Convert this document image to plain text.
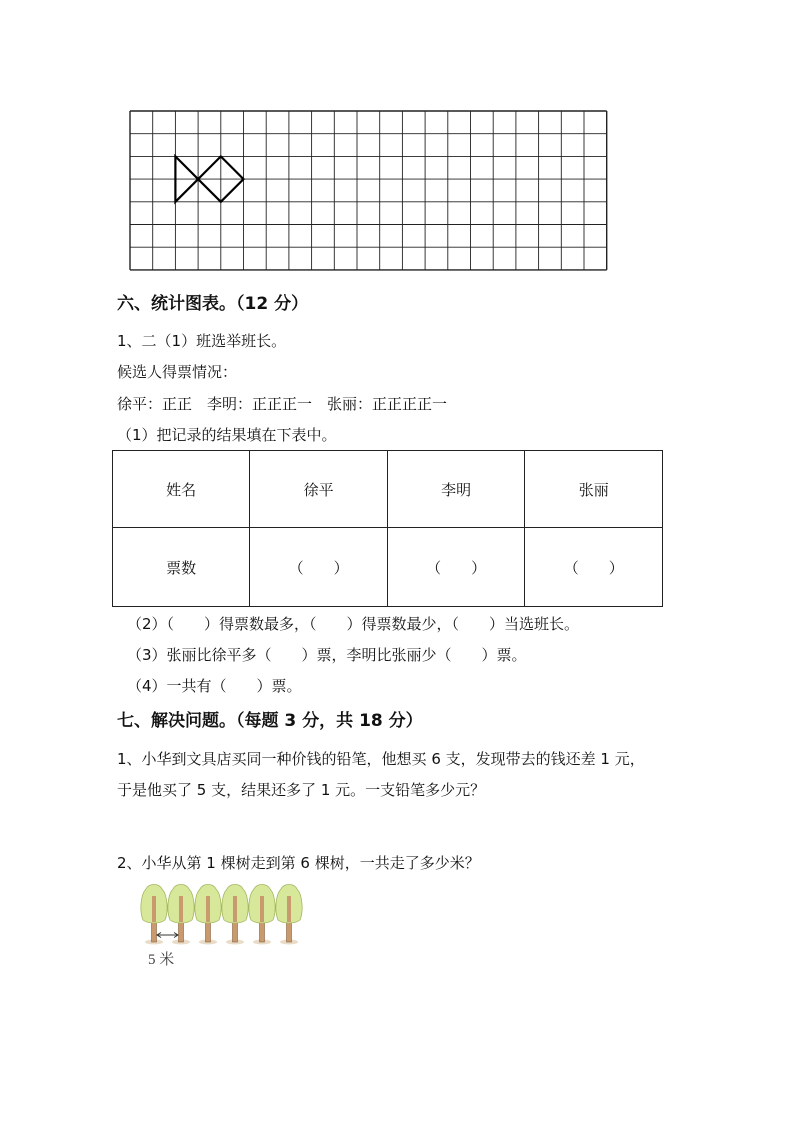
六、统计图表。（12 分）
1、二（1）班选举班长。
候选人得票情况：
徐平：正正　李明：正正正一　张丽：正正正正一
（1）把记录的结果填在下表中。
姓名	徐平	李明	张丽
票数	（　　）	（　　）	（　　）
（2）（　　）得票数最多，（　　）得票数最少，（　　）当选班长。
（3）张丽比徐平多（　　）票，李明比张丽少（　　）票。
（4）一共有（　　）票。
七、解决问题。（每题 3 分，共 18 分）
1、小华到文具店买同一种价钱的铅笔，他想买 6 支，发现带去的钱还差 1 元，
于是他买了 5 支，结果还多了 1 元。一支铅笔多少元？
2、小华从第 1 棵树走到第 6 棵树，一共走了多少米？
5 米
